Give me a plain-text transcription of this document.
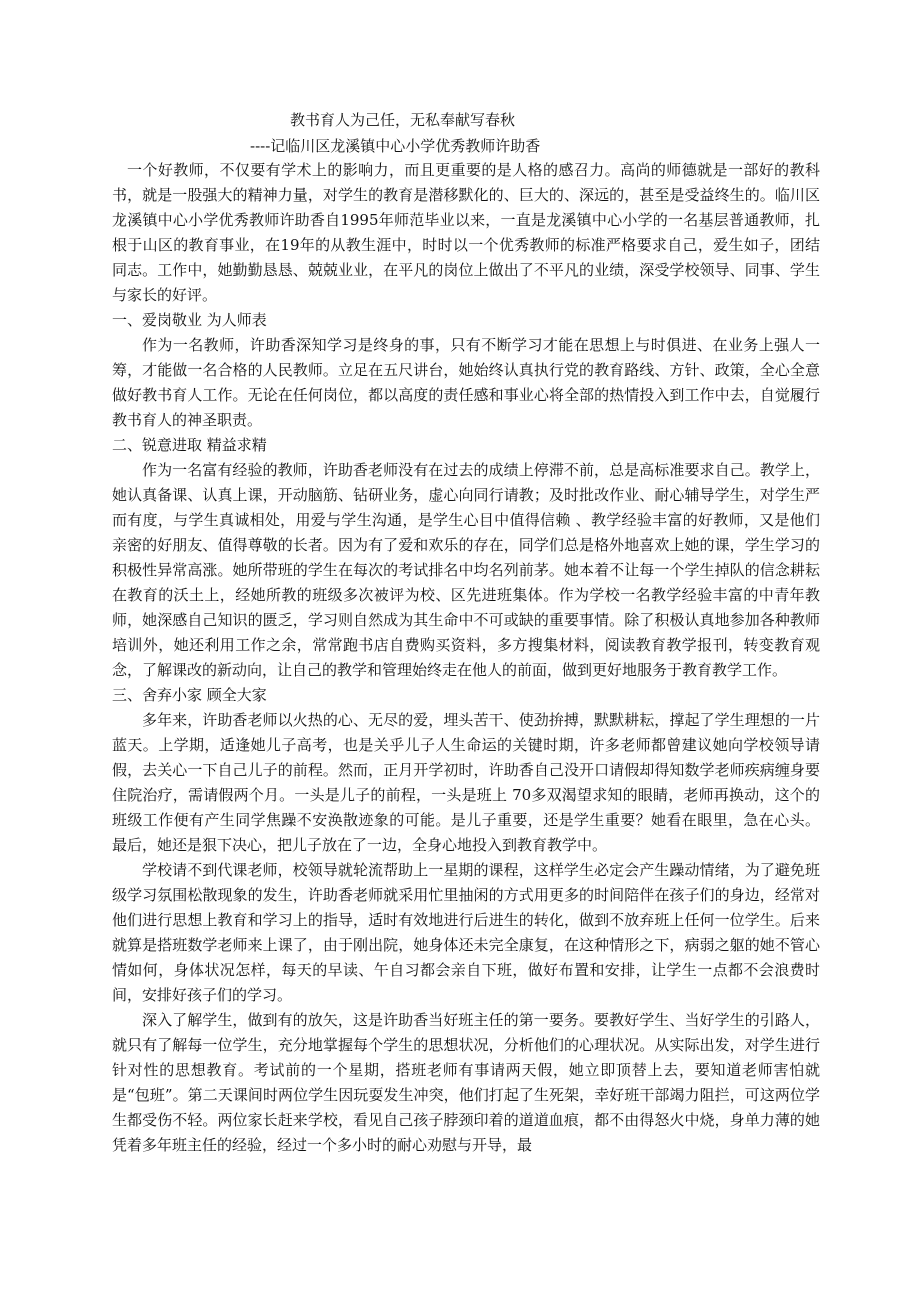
教书育人为己任，无私奉献写春秋
----记临川区龙溪镇中心小学优秀教师许助香

一个好教师，不仅要有学术上的影响力，而且更重要的是人格的感召力。高尚的师德就是一部好的教科书，就是一股强大的精神力量，对学生的教育是潜移默化的、巨大的、深远的，甚至是受益终生的。临川区龙溪镇中心小学优秀教师许助香自1995年师范毕业以来，一直是龙溪镇中心小学的一名基层普通教师，扎根于山区的教育事业，在19年的从教生涯中，时时以一个优秀教师的标准严格要求自己，爱生如子，团结同志。工作中，她勤勤恳恳、兢兢业业，在平凡的岗位上做出了不平凡的业绩，深受学校领导、同事、学生与家长的好评。

一、爱岗敬业 为人师表

作为一名教师，许助香深知学习是终身的事，只有不断学习才能在思想上与时俱进、在业务上强人一筹，才能做一名合格的人民教师。立足在五尺讲台，她始终认真执行党的教育路线、方针、政策，全心全意做好教书育人工作。无论在任何岗位，都以高度的责任感和事业心将全部的热情投入到工作中去，自觉履行教书育人的神圣职责。

二、锐意进取 精益求精

作为一名富有经验的教师，许助香老师没有在过去的成绩上停滞不前，总是高标准要求自己。教学上，她认真备课、认真上课，开动脑筋、钻研业务，虚心向同行请教；及时批改作业、耐心辅导学生，对学生严而有度，与学生真诚相处，用爱与学生沟通，是学生心目中值得信赖 、教学经验丰富的好教师，又是他们亲密的好朋友、值得尊敬的长者。因为有了爱和欢乐的存在，同学们总是格外地喜欢上她的课，学生学习的积极性异常高涨。她所带班的学生在每次的考试排名中均名列前茅。她本着不让每一个学生掉队的信念耕耘在教育的沃土上，经她所教的班级多次被评为校、区先进班集体。作为学校一名教学经验丰富的中青年教师，她深感自己知识的匮乏，学习则自然成为其生命中不可或缺的重要事情。除了积极认真地参加各种教师培训外，她还利用工作之余，常常跑书店自费购买资料，多方搜集材料，阅读教育教学报刊，转变教育观念，了解课改的新动向，让自己的教学和管理始终走在他人的前面，做到更好地服务于教育教学工作。

三、舍弃小家 顾全大家

多年来，许助香老师以火热的心、无尽的爱，埋头苦干、使劲拚搏，默默耕耘，撑起了学生理想的一片蓝天。上学期，适逢她儿子高考，也是关乎儿子人生命运的关键时期，许多老师都曾建议她向学校领导请假，去关心一下自己儿子的前程。然而，正月开学初时，许助香自己没开口请假却得知数学老师疾病缠身要住院治疗，需请假两个月。一头是儿子的前程，一头是班上 70多双渴望求知的眼睛，老师再换动，这个的班级工作便有产生同学焦躁不安涣散迹象的可能。是儿子重要，还是学生重要？她看在眼里，急在心头。 最后，她还是狠下决心，把儿子放在了一边，全身心地投入到教育教学中。

学校请不到代课老师，校领导就轮流帮助上一星期的课程，这样学生必定会产生躁动情绪，为了避免班级学习氛围松散现象的发生，许助香老师就采用忙里抽闲的方式用更多的时间陪伴在孩子们的身边，经常对他们进行思想上教育和学习上的指导，适时有效地进行后进生的转化，做到不放弃班上任何一位学生。后来就算是搭班数学老师来上课了，由于刚出院，她身体还未完全康复，在这种情形之下，病弱之躯的她不管心情如何，身体状况怎样，每天的早读、午自习都会亲自下班，做好布置和安排，让学生一点都不会浪费时间，安排好孩子们的学习。

深入了解学生，做到有的放矢，这是许助香当好班主任的第一要务。要教好学生、当好学生的引路人，就只有了解每一位学生，充分地掌握每个学生的思想状况，分析他们的心理状况。从实际出发，对学生进行针对性的思想教育。考试前的一个星期，搭班老师有事请两天假，她立即顶替上去，要知道老师害怕就是“包班”。第二天课间时两位学生因玩耍发生冲突，他们打起了生死架，幸好班干部竭力阻拦，可这两位学生都受伤不轻。两位家长赶来学校，看见自己孩子脖颈印着的道道血痕，都不由得怒火中烧，身单力薄的她凭着多年班主任的经验，经过一个多小时的耐心劝慰与开导，最
